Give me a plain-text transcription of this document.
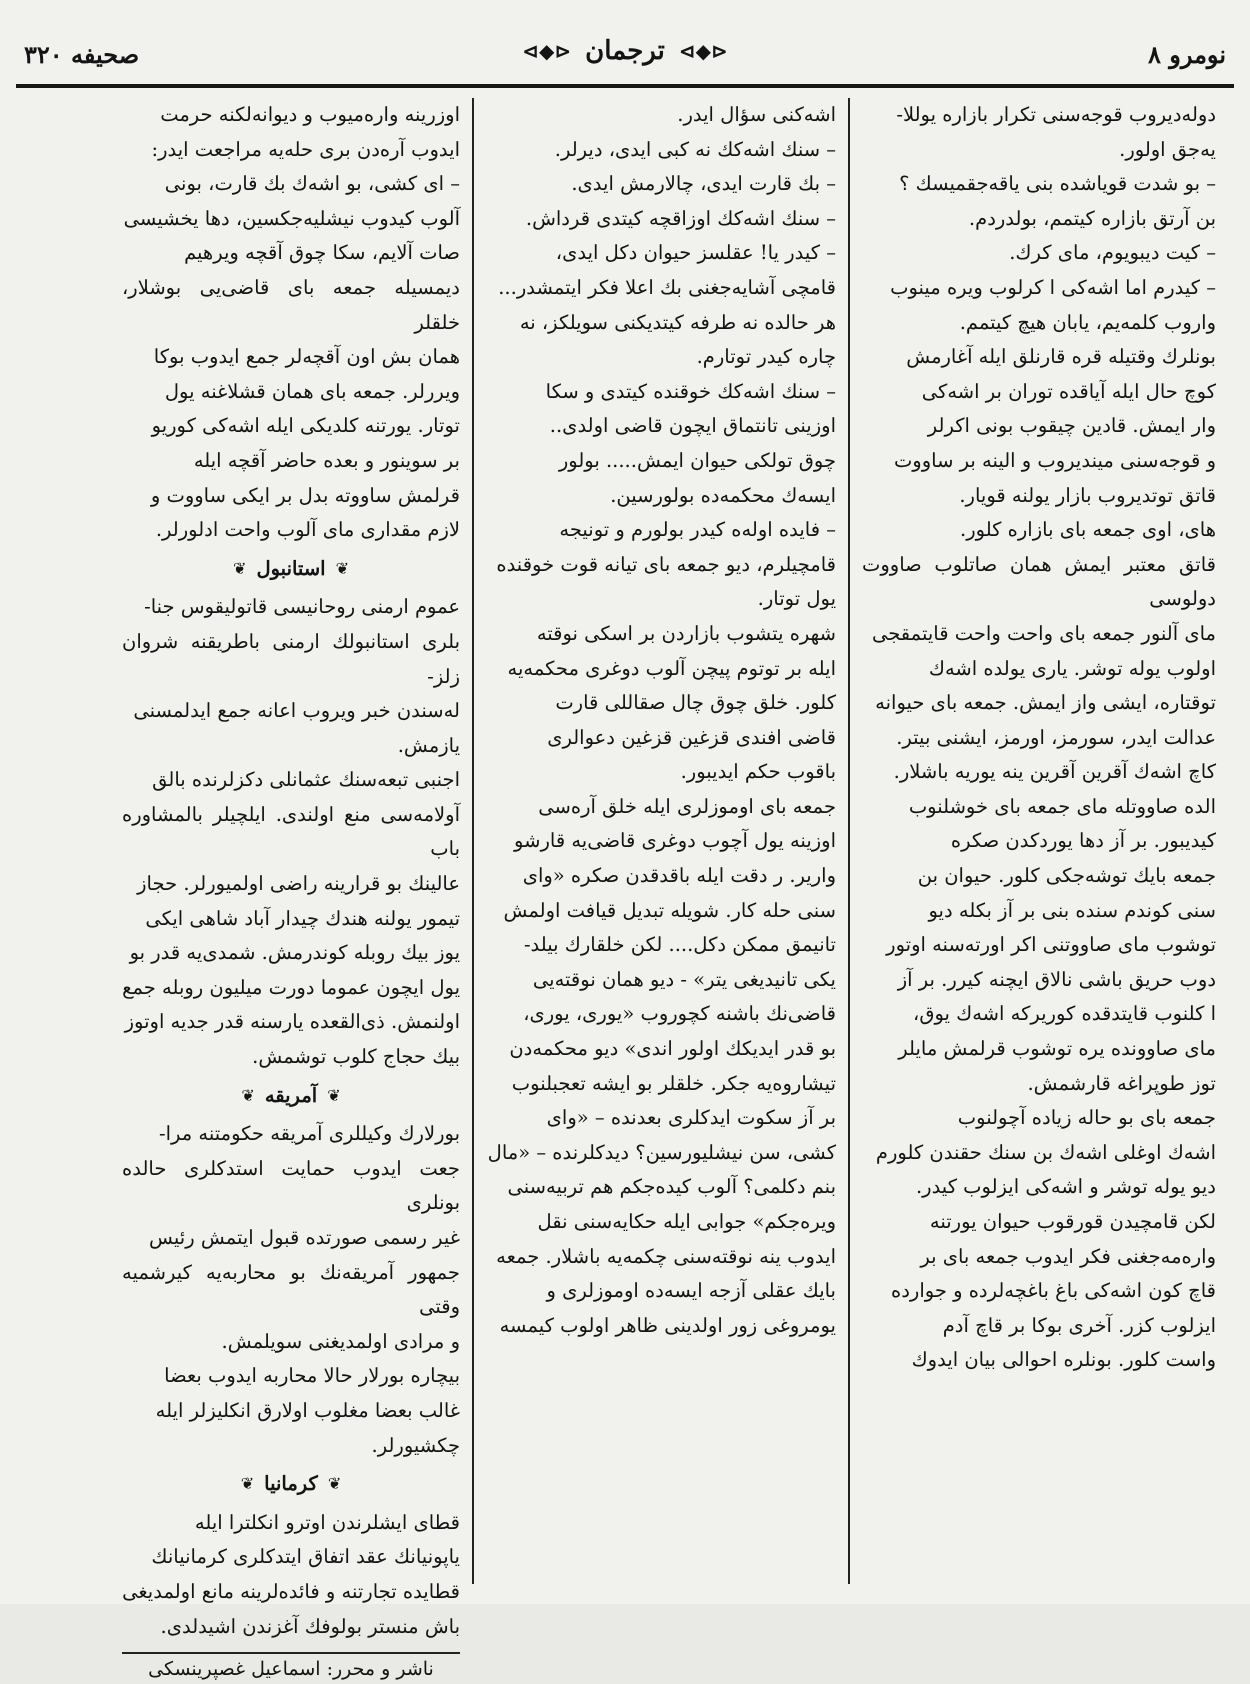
نومرو ٨
⊲◆⊳
ترجمان
⊲◆⊳
صحيفه ٣٢٠

دوله‌ديروب قوجه‌سنی تكرار بازاره يوللا-

يه‌جق اولور.

– بو شدت قوياشده بنی ياقه‌جقميسك ؟

بن آرتق بازاره كيتمم، بولدردم.

– كيت ديبويوم، مای كرك.

– كيدرم اما اشه‌كی ا كرلوب ويره مينوب

واروب كلمه‌يم، يابان هيچ كيتمم.

بونلرك وقتيله قره قارنلق ايله آغارمش

كوچ حال ايله آياقده توران بر اشه‌كی

وار ايمش. قادين چيقوب بونی اكرلر

و قوجه‌سنی مينديروب و الينه بر ساووت

قاتق توتديروب بازار يولنه قويار.

های، اوی جمعه بای بازاره كلور.

قاتق معتبر ايمش همان صاتلوب صاووت دولوسی

مای آلنور جمعه بای واحت واحت قايتمقجی

اولوب يوله توشر. ياری يولده اشه‌ك

توقتاره، ايشی واز ايمش. جمعه بای حيوانه

عدالت ايدر، سورمز، اورمز، ايشنی بيتر.

كاچ اشه‌ك آقرين آقرين ينه يوريه باشلار.

الده صاووتله مای جمعه بای خوشلنوب

كيديبور. بر آز دها يوردكدن صكره

جمعه بايك توشه‌جكی كلور. حيوان بن

سنی كوندم سنده بنی بر آز بكله ديو

توشوب مای صاووتنی اكر اورته‌سنه اوتور

دوب حريق باشی نالاق ايچنه كيرر. بر آز

ا كلنوب قايتدقده كوريركه اشه‌ك يوق،

مای صاوونده يره توشوب قرلمش مايلر

توز طوپراغه قارشمش.

جمعه بای بو حاله زياده آچولنوب

اشه‌ك اوغلی اشه‌ك بن سنك حقندن كلورم

ديو يوله توشر و اشه‌كی ايزلوب كيدر.

لكن قامچيدن قورقوب حيوان يورتنه

واره‌مه‌جغنی فكر ايدوب جمعه بای بر

قاچ كون اشه‌كی باغ باغچه‌لرده و جوارده

ايزلوب كزر. آخری بوكا بر قاچ آدم

واست كلور. بونلره احوالی بيان ايدوك

اشه‌كنی سؤال ايدر.

– سنك اشه‌كك نه كبی ايدی، ديرلر.

– بك قارت ايدی، چالارمش ايدی.

– سنك اشه‌كك اوزاقچه كيتدی قرداش.

– كيدر يا! عقلسز حيوان دكل ايدی،

قامچی آشايه‌جغنی بك اعلا فكر ايتمشدر...

هر حالده نه طرفه كيتديكنی سويلكز، نه

چاره كيدر توتارم.

– سنك اشه‌كك خوقنده كيتدی و سكا

اوزينی تانتماق ايچون قاضی اولدی..

چوق تولكی حيوان ايمش..... بولور

ايسه‌ك محكمه‌ده بولورسين.

– فايده اوله‌ه كيدر بولورم و تونيجه

قامچيلرم، ديو جمعه بای تيانه قوت خوقنده

يول توتار.

شهره يتشوب بازاردن بر اسكی نوقته

ايله بر توتوم پيچن آلوب دوغری محكمه‌يه

كلور. خلق چوق چال صقاللی قارت

قاضی افندی قزغين قزغين دعوالری

باقوب حكم ايديبور.

جمعه بای اومو‌زلری ايله خلق آره‌سی

اوزينه يول آچوب دوغری قاضی‌يه قارشو

وارير. ر دقت ايله باقدقدن صكره «وای

سنی حله كار. شويله تبديل قيافت اولمش

تانيمق ممكن دكل.... لكن خلقارك بيلد-

يكی تانيديغی يتر» - ديو همان نوقته‌يی

قاضی‌نك باشنه كچوروب «يوری، يوری،

بو قدر ايديكك اولور اندی» ديو محكمه‌دن

تيشاروه‌يه جكر. خلقلر بو ايشه تعجبلنوب

بر آز سكوت ايدكلری بعدنده – «وای

كشی، سن نيشليورسين؟ ديدكلرنده – «مال

بنم دكلمی؟ آلوب كيده‌جكم هم تربيه‌سنی

ويره‌جكم» جوابی ايله حكايه‌سنی نقل

ايدوب ينه نوقته‌سنی چكمه‌يه باشلار. جمعه

بايك عقلی آزجه ايسه‌ده اومو‌زلری و

يومروغی زور اولدينی ظاهر اولوب كيمسه

اوزرينه واره‌ميوب و ديوانه‌لكنه حرمت

ايدوب آره‌دن بری حله‌يه مراجعت ايدر:

– ای كشی، بو اشه‌ك بك قارت، بونی

آلوب كيدوب نيشليه‌جكسين، دها يخشيسی

صات آلايم، سكا چوق آقچه ويرهيم

ديمسيله جمعه بای قاضی‌يی بوشلار، خلقلر

همان بش اون آقچه‌لر جمع ايدوب بوكا

ويررلر. جمعه بای همان قشلاغنه يول

توتار. يورتنه كلديكی ايله اشه‌كی كوريو

بر سوينور و بعده حاضر آقچه ايله

قرلمش ساووته بدل بر ايكی ساووت و

لازم مقداری مای آلوب واحت ادلورلر.

❦
استانبول
❦

عموم ارمنی روحانيسی قاتوليقوس جنا-

بلری استانبولك ارمنی باطريقنه شروان زلز-

له‌سندن خبر ويروب اعانه جمع ايدلمسنی

يازمش.

اجنبی تبعه‌سنك عثمانلی دكزلرنده بالق

آولامه‌سی منع اولندی. ايلچيلر بالمشاوره باب

عالينك بو قرارينه راضی اولميورلر. حجاز

تيمور يولنه هندك چيدار آباد شاهی ايكی

يوز بيك روبله كوندرمش. شمدی‌يه قدر بو

يول ايچون عموما دورت ميليون روبله جمع

اولنمش. ذی‌القعده يارسنه قدر جديه اوتوز

بيك حجاج كلوب توشمش.

❦
آمريقه
❦

بورلارك وكيللری آمريقه حكومتنه مرا-

جعت ايدوب حمايت استدكلری حالده بونلری

غير رسمی صورتده قبول ايتمش رئيس

جمهور آمريقه‌نك بو محاربه‌يه كيرشميه وقتی

و مرادی اولمديغنی سويلمش.

بيچاره بورلار حالا محاربه ايدوب بعضا

غالب بعضا مغلوب اولارق انكليزلر ايله

چكشيورلر.

❦
كرمانيا
❦

قطای ايشلرندن اوترو انكلترا ايله

ياپونيانك عقد اتفاق ايتدكلری كرمانيانك

قطايده تجارتنه و فائده‌لرينه مانع اولمديغی

باش منستر بولوفك آغزندن اشيدلدی.

ناشر و محرر: اسماعيل غصپرينسكی
